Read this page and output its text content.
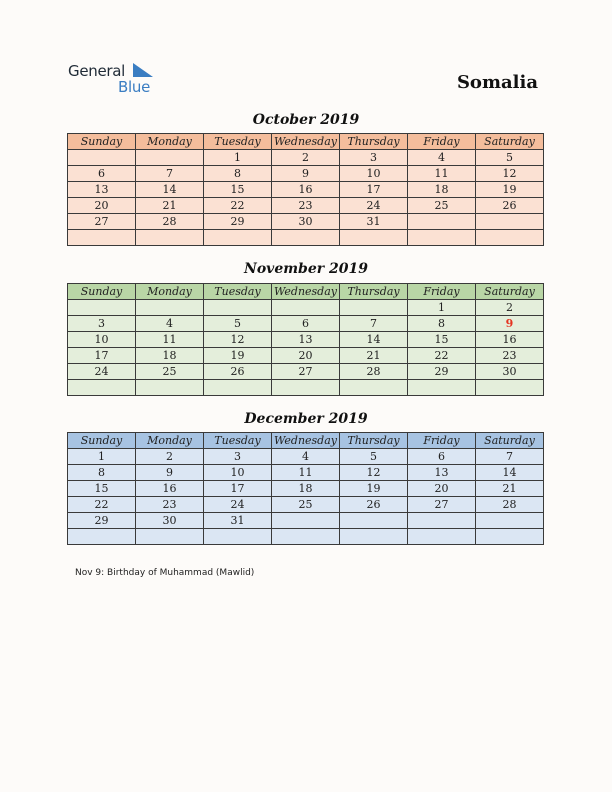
General
Blue	Somalia
October 2019
Sunday	Monday	Tuesday	Wednesday	Thursday	Friday	Saturday
		1	2	3	4	5
6	7	8	9	10	11	12
13	14	15	16	17	18	19
20	21	22	23	24	25	26
27	28	29	30	31		

November 2019
Sunday	Monday	Tuesday	Wednesday	Thursday	Friday	Saturday
					1	2
3	4	5	6	7	8	9
10	11	12	13	14	15	16
17	18	19	20	21	22	23
24	25	26	27	28	29	30

December 2019
Sunday	Monday	Tuesday	Wednesday	Thursday	Friday	Saturday
1	2	3	4	5	6	7
8	9	10	11	12	13	14
15	16	17	18	19	20	21
22	23	24	25	26	27	28
29	30	31				

Nov 9: Birthday of Muhammad (Mawlid)
